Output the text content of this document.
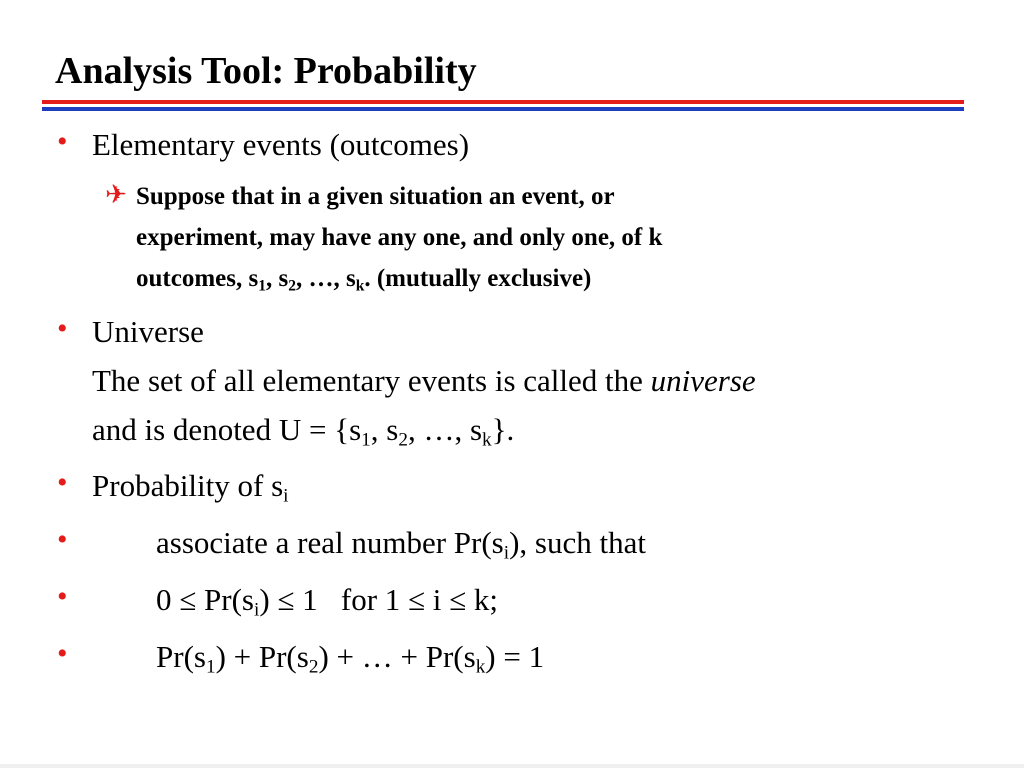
Analysis Tool: Probability
• Elementary events (outcomes)
✈ Suppose that in a given situation an event, or
experiment, may have any one, and only one, of k
outcomes, $s_1$, $s_2$, …, $s_k$. (mutually exclusive)
• Universe
The set of all elementary events is called the universe
and is denoted $U = \{s_1$, $s_2$, …, $s_k$}.
• Probability of $s_i$
•	associate a real number $Pr(s_i)$, such that
•	$0 \le Pr(s_i) \le 1$   for 1 ≤ i ≤ k;
•	$Pr(s_1) + Pr(s_2)$ + … + $Pr(s_k) = 1$
